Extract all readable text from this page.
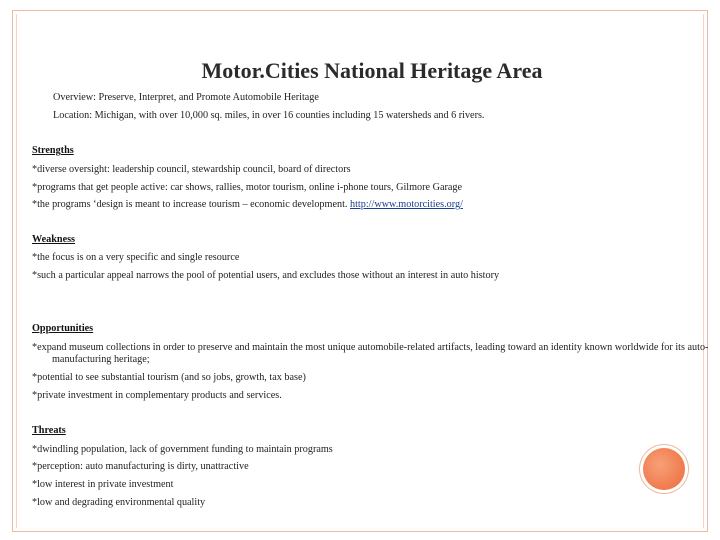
Motor.Cities National Heritage Area
Overview: Preserve, Interpret, and Promote Automobile Heritage
Location: Michigan, with over 10,000 sq. miles, in over 16 counties including 15 watersheds and 6 rivers.
Strengths
*diverse oversight: leadership council, stewardship council, board of directors
*programs that get people active: car shows, rallies, motor tourism, online i-phone tours, Gilmore Garage
*the programs ‘design is meant to increase tourism – economic development. http://www.motorcities.org/
Weakness
*the focus is on a very specific and single resource
*such a particular appeal narrows the pool of potential users, and excludes those without an interest in auto history
Opportunities
*expand museum collections in order to preserve and maintain the most unique automobile-related artifacts, leading toward an identity known worldwide for its auto-manufacturing heritage;
*potential to see substantial tourism (and so jobs, growth, tax base)
*private investment in complementary products and services.
Threats
*dwindling population, lack of government funding to maintain programs
*perception: auto manufacturing is dirty, unattractive
*low interest in private investment
*low and degrading environmental quality
